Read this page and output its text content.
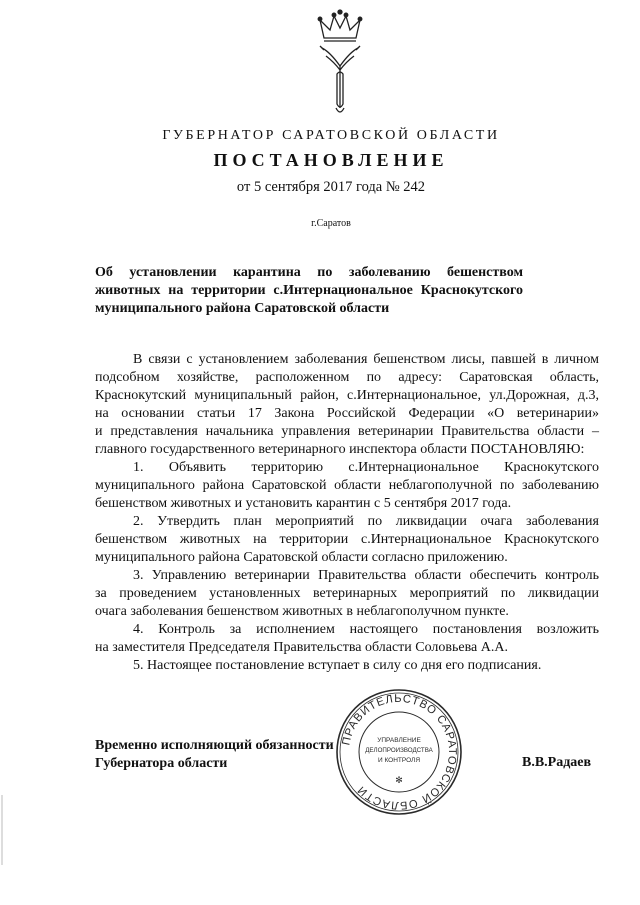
ГУБЕРНАТОР САРАТОВСКОЙ ОБЛАСТИ
ПОСТАНОВЛЕНИЕ
от 5 сентября 2017 года № 242
г.Саратов
Об установлении карантина по заболеванию бешенством
животных на территории с.Интернациональное Краснокутского
муниципального района Саратовской области
В связи с установлением заболевания бешенством лисы, павшей в личном
подсобном хозяйстве, расположенном по адресу: Саратовская область,
Краснокутский муниципальный район, с.Интернациональное, ул.Дорожная, д.3,
на основании статьи 17 Закона Российской Федерации «О ветеринарии»
и представления начальника управления ветеринарии Правительства области –
главного государственного ветеринарного инспектора области ПОСТАНОВЛЯЮ:
1. Объявить территорию с.Интернациональное Краснокутского
муниципального района Саратовской области неблагополучной по заболеванию
бешенством животных и установить карантин с 5 сентября 2017 года.
2. Утвердить план мероприятий по ликвидации очага заболевания
бешенством животных на территории с.Интернациональное Краснокутского
муниципального района Саратовской области согласно приложению.
3. Управлению ветеринарии Правительства области обеспечить контроль
за проведением установленных ветеринарных мероприятий по ликвидации
очага заболевания бешенством животных в неблагополучном пункте.
4. Контроль за исполнением настоящего постановления возложить
на заместителя Председателя Правительства области Соловьева А.А.
5. Настоящее постановление вступает в силу со дня его подписания.
Временно исполняющий обязанности
Губернатора области	В.В.Радаев
ПРАВИТЕЛЬСТВО САРАТОВСКОЙ ОБЛАСТИ
УПРАВЛЕНИЕ
ДЕЛОПРОИЗВОДСТВА
И КОНТРОЛЯ
✻
